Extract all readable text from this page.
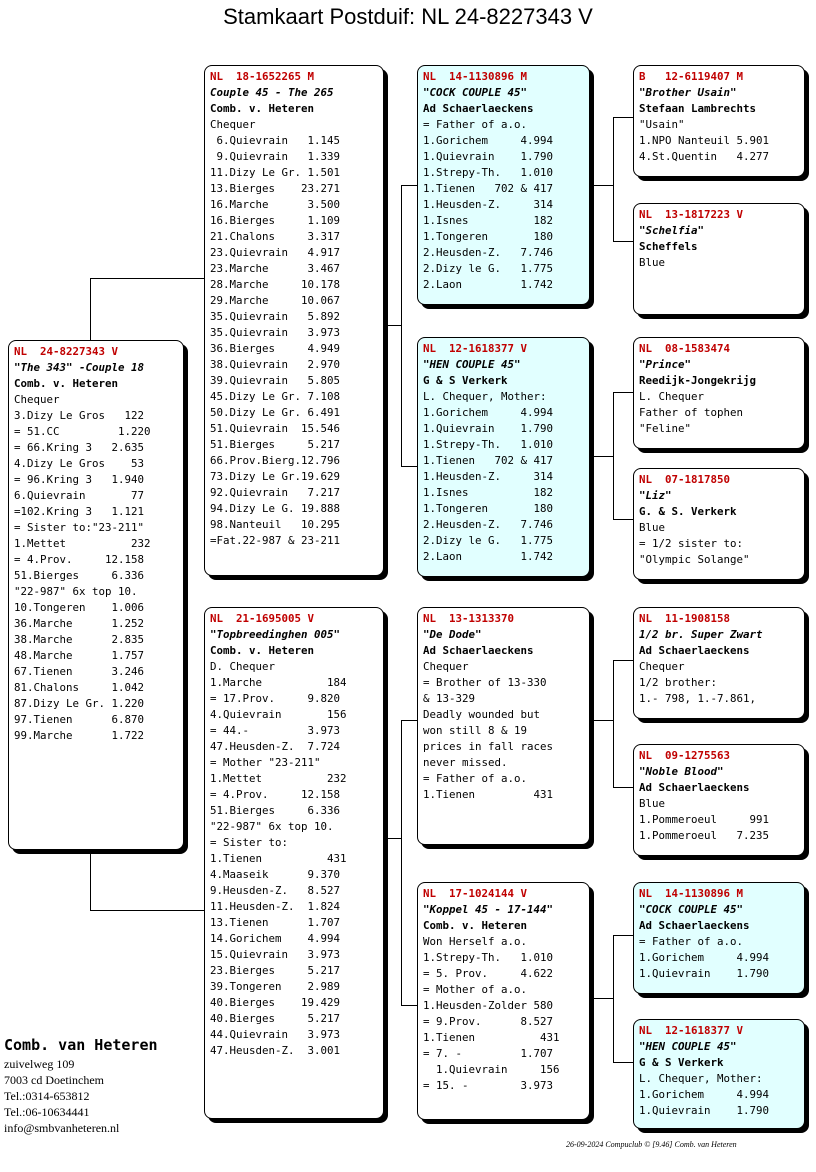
Stamkaart Postduif: NL 24-8227343 V
NL  24-8227343 V
"The 343" -Couple 18
Comb. v. Heteren
Chequer
3.Dizy Le Gros   122
= 51.CC         1.220
= 66.Kring 3   2.635
4.Dizy Le Gros    53
= 96.Kring 3   1.940
6.Quievrain       77
=102.Kring 3   1.121
= Sister to:"23-211"
1.Mettet          232
= 4.Prov.     12.158
51.Bierges     6.336
"22-987" 6x top 10.
10.Tongeren    1.006
36.Marche      1.252
38.Marche      2.835
48.Marche      1.757
67.Tienen      3.246
81.Chalons     1.042
87.Dizy Le Gr. 1.220
97.Tienen      6.870
99.Marche      1.722
NL  18-1652265 M
Couple 45 - The 265
Comb. v. Heteren
Chequer
6.Quievrain   1.145
9.Quievrain   1.339
11.Dizy Le Gr. 1.501
13.Bierges    23.271
16.Marche      3.500
16.Bierges     1.109
21.Chalons     3.317
23.Quievrain   4.917
23.Marche      3.467
28.Marche     10.178
29.Marche     10.067
35.Quievrain   5.892
35.Quievrain   3.973
36.Bierges     4.949
38.Quievrain   2.970
39.Quievrain   5.805
45.Dizy Le Gr. 7.108
50.Dizy Le Gr. 6.491
51.Quievrain  15.546
51.Bierges     5.217
66.Prov.Bierg.12.796
73.Dizy Le Gr.19.629
92.Quievrain   7.217
94.Dizy Le G. 19.888
98.Nanteuil   10.295
=Fat.22-987 & 23-211
NL  21-1695005 V
"Topbreedinghen 005"
Comb. v. Heteren
D. Chequer
1.Marche          184
= 17.Prov.     9.820
4.Quievrain       156
= 44.-         3.973
47.Heusden-Z.  7.724
= Mother "23-211"
1.Mettet          232
= 4.Prov.     12.158
51.Bierges     6.336
"22-987" 6x top 10.
= Sister to:
1.Tienen          431
4.Maaseik      9.370
9.Heusden-Z.   8.527
11.Heusden-Z.  1.824
13.Tienen      1.707
14.Gorichem    4.994
15.Quievrain   3.973
23.Bierges     5.217
39.Tongeren    2.989
40.Bierges    19.429
40.Bierges     5.217
44.Quievrain   3.973
47.Heusden-Z.  3.001
NL  14-1130896 M
"COCK COUPLE 45"
Ad Schaerlaeckens
= Father of a.o.
1.Gorichem     4.994
1.Quievrain    1.790
1.Strepy-Th.   1.010
1.Tienen   702 & 417
1.Heusden-Z.     314
1.Isnes          182
1.Tongeren       180
2.Heusden-Z.   7.746
2.Dizy le G.   1.775
2.Laon         1.742
NL  12-1618377 V
"HEN COUPLE 45"
G & S Verkerk
L. Chequer, Mother:
1.Gorichem     4.994
1.Quievrain    1.790
1.Strepy-Th.   1.010
1.Tienen   702 & 417
1.Heusden-Z.     314
1.Isnes          182
1.Tongeren       180
2.Heusden-Z.   7.746
2.Dizy le G.   1.775
2.Laon         1.742
NL  13-1313370
"De Dode"
Ad Schaerlaeckens
Chequer
= Brother of 13-330
& 13-329
Deadly wounded but
won still 8 & 19
prices in fall races
never missed.
= Father of a.o.
1.Tienen         431
NL  17-1024144 V
"Koppel 45 - 17-144"
Comb. v. Heteren
Won Herself a.o.
1.Strepy-Th.   1.010
= 5. Prov.     4.622
= Mother of a.o.
1.Heusden-Zolder 580
= 9.Prov.      8.527
1.Tienen          431
= 7. -         1.707
1.Quievrain     156
= 15. -        3.973
B   12-6119407 M
"Brother Usain"
Stefaan Lambrechts
"Usain"
1.NPO Nanteuil 5.901
4.St.Quentin   4.277
NL  13-1817223 V
"Schelfia"
Scheffels
Blue
NL  08-1583474
"Prince"
Reedijk-Jongekrijg
L. Chequer
Father of tophen
"Feline"
NL  07-1817850
"Liz"
G. & S. Verkerk
Blue
= 1/2 sister to:
"Olympic Solange"
NL  11-1908158
1/2 br. Super Zwart
Ad Schaerlaeckens
Chequer
1/2 brother:
1.- 798, 1.-7.861,
NL  09-1275563
"Noble Blood"
Ad Schaerlaeckens
Blue
1.Pommeroeul     991
1.Pommeroeul   7.235
NL  14-1130896 M
"COCK COUPLE 45"
Ad Schaerlaeckens
= Father of a.o.
1.Gorichem     4.994
1.Quievrain    1.790
NL  12-1618377 V
"HEN COUPLE 45"
G & S Verkerk
L. Chequer, Mother:
1.Gorichem     4.994
1.Quievrain    1.790
Comb. van Heteren
zuivelweg 109
7003 cd Doetinchem
Tel.:0314-653812
Tel.:06-10634441
info@smbvanheteren.nl
26-09-2024 Compuclub © [9.46] Comb. van Heteren
